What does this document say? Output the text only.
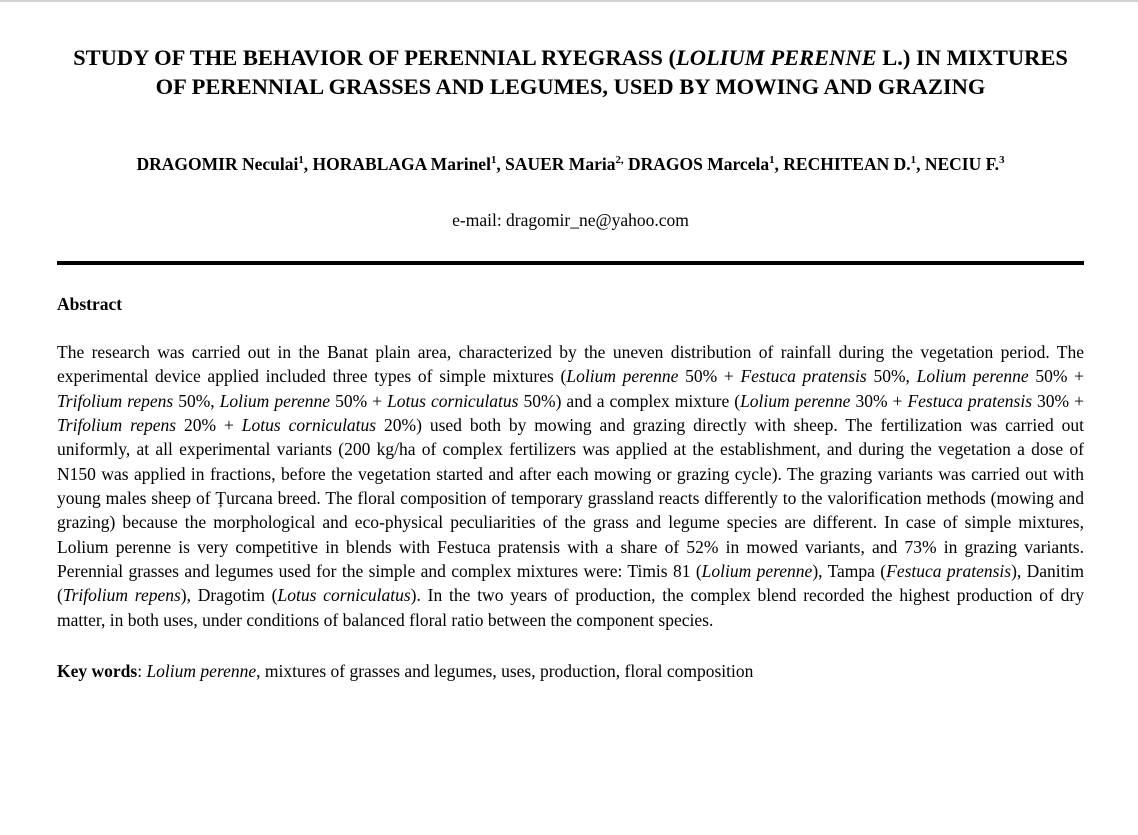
STUDY OF THE BEHAVIOR OF PERENNIAL RYEGRASS (LOLIUM PERENNE L.) IN MIXTURES OF PERENNIAL GRASSES AND LEGUMES, USED BY MOWING AND GRAZING
DRAGOMIR Neculai$^1$, HORABLAGA Marinel$^1$, SAUER Maria$^{2,}$ DRAGOS Marcela$^1$, RECHITEAN D.$^1$, NECIU F.$^3$
e-mail: dragomir_ne@yahoo.com
Abstract
The research was carried out in the Banat plain area, characterized by the uneven distribution of rainfall during the vegetation period. The experimental device applied included three types of simple mixtures (Lolium perenne 50% + Festuca pratensis 50%, Lolium perenne 50% + Trifolium repens 50%, Lolium perenne 50% + Lotus corniculatus 50%) and a complex mixture (Lolium perenne 30% + Festuca pratensis 30% + Trifolium repens 20% + Lotus corniculatus 20%) used both by mowing and grazing directly with sheep. The fertilization was carried out uniformly, at all experimental variants (200 kg/ha of complex fertilizers was applied at the establishment, and during the vegetation a dose of N150 was applied in fractions, before the vegetation started and after each mowing or grazing cycle). The grazing variants was carried out with young males sheep of Țurcana breed. The floral composition of temporary grassland reacts differently to the valorification methods (mowing and grazing) because the morphological and eco-physical peculiarities of the grass and legume species are different. In case of simple mixtures, Lolium perenne is very competitive in blends with Festuca pratensis with a share of 52% in mowed variants, and 73% in grazing variants. Perennial grasses and legumes used for the simple and complex mixtures were: Timis 81 (Lolium perenne), Tampa (Festuca pratensis), Danitim (Trifolium repens), Dragotim (Lotus corniculatus). In the two years of production, the complex blend recorded the highest production of dry matter, in both uses, under conditions of balanced floral ratio between the component species.
Key words: Lolium perenne, mixtures of grasses and legumes, uses, production, floral composition
